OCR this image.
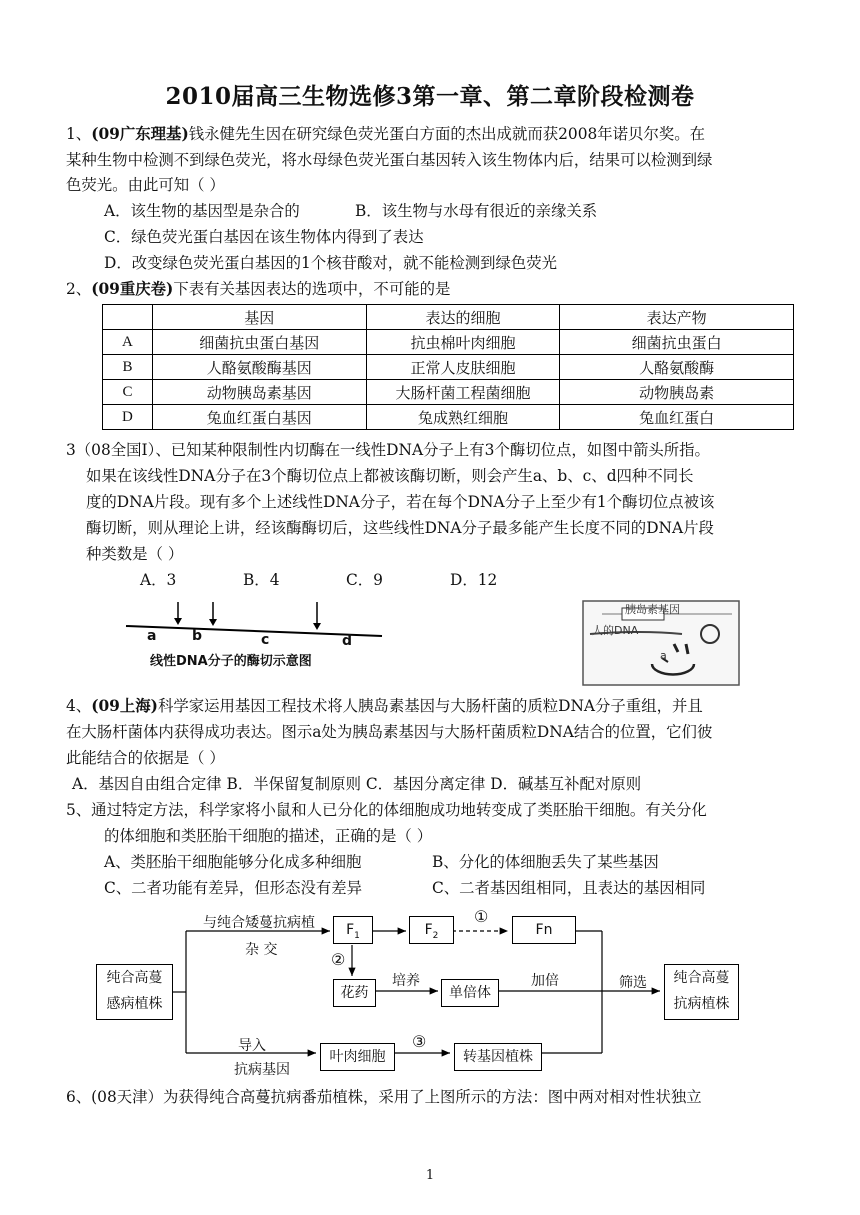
2010届高三生物选修3第一章、第二章阶段检测卷
1、(09广东理基)钱永健先生因在研究绿色荧光蛋白方面的杰出成就而获2008年诺贝尔奖。在
某种生物中检测不到绿色荧光，将水母绿色荧光蛋白基因转入该生物体内后，结果可以检测到绿
色荧光。由此可知（ ）
A．该生物的基因型是杂合的	B．该生物与水母有很近的亲缘关系
C．绿色荧光蛋白基因在该生物体内得到了表达
D．改变绿色荧光蛋白基因的1个核苷酸对，就不能检测到绿色荧光
2、(09重庆卷)下表有关基因表达的选项中，不可能的是
	基因	表达的细胞	表达产物
A	细菌抗虫蛋白基因	抗虫棉叶肉细胞	细菌抗虫蛋白
B	人酪氨酸酶基因	正常人皮肤细胞	人酪氨酸酶
C	动物胰岛素基因	大肠杆菌工程菌细胞	动物胰岛素
D	兔血红蛋白基因	兔成熟红细胞	兔血红蛋白
3（08全国Ⅰ）、已知某种限制性内切酶在一线性DNA分子上有3个酶切位点，如图中箭头所指。
如果在该线性DNA分子在3个酶切位点上都被该酶切断，则会产生a、b、c、d四种不同长
度的DNA片段。现有多个上述线性DNA分子，若在每个DNA分子上至少有1个酶切位点被该
酶切断，则从理论上讲，经该酶酶切后，这些线性DNA分子最多能产生长度不同的DNA片段
种类数是（ ）
A．3	B．4	C．9	D．12
a	b	c	d
线性DNA分子的酶切示意图
胰岛素基因
人的DNA
a
4、(09上海)科学家运用基因工程技术将人胰岛素基因与大肠杆菌的质粒DNA分子重组，并且
在大肠杆菌体内获得成功表达。图示a处为胰岛素基因与大肠杆菌质粒DNA结合的位置，它们彼
此能结合的依据是（ ）
A．基因自由组合定律 B．半保留复制原则 C．基因分离定律 D．碱基互补配对原则
5、通过特定方法，科学家将小鼠和人已分化的体细胞成功地转变成了类胚胎干细胞。有关分化
的体细胞和类胚胎干细胞的描述，正确的是（ ）
A、类胚胎干细胞能够分化成多种细胞	B、分化的体细胞丢失了某些基因
C、二者功能有差异，但形态没有差异	C、二者基因组相同，且表达的基因相同
纯合高蔓
感病植株
与纯合矮蔓抗病植
杂 交
$F_1$	$F_2$	Fn
①
②
花药
培养
单倍体
加倍	筛选	纯合高蔓
抗病植株
导入
抗病基因
叶肉细胞
③
转基因植株
6、(08天津）为获得纯合高蔓抗病番茄植株，采用了上图所示的方法：图中两对相对性状独立
1
